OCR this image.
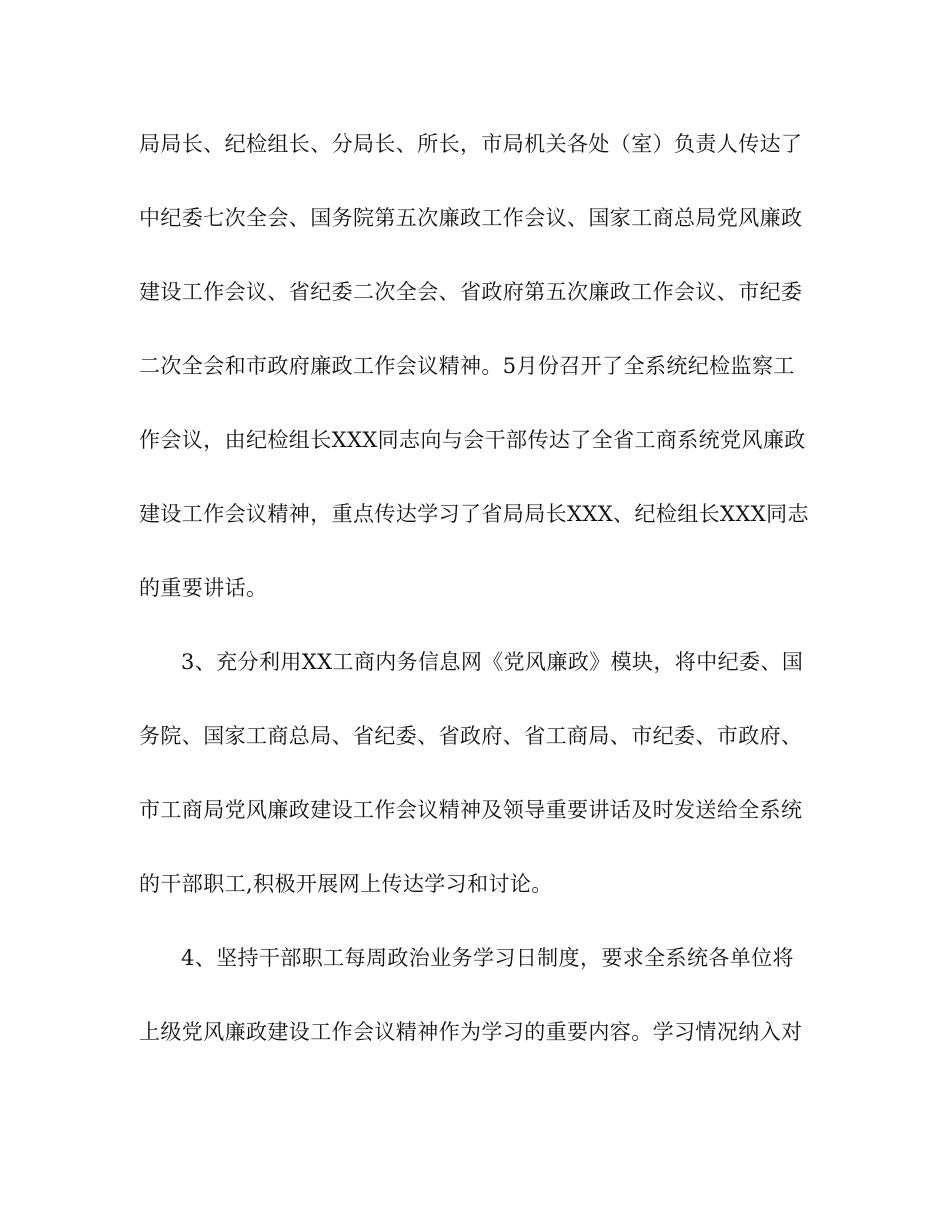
局局长、纪检组长、分局长、所长，市局机关各处（室）负责人传达了

中纪委七次全会、国务院第五次廉政工作会议、国家工商总局党风廉政

建设工作会议、省纪委二次全会、省政府第五次廉政工作会议、市纪委

二次全会和市政府廉政工作会议精神。5月份召开了全系统纪检监察工

作会议，由纪检组长XXX同志向与会干部传达了全省工商系统党风廉政

建设工作会议精神，重点传达学习了省局局长XXX、纪检组长XXX同志

的重要讲话。

3、充分利用XX工商内务信息网《党风廉政》模块，将中纪委、国

务院、国家工商总局、省纪委、省政府、省工商局、市纪委、市政府、

市工商局党风廉政建设工作会议精神及领导重要讲话及时发送给全系统

的干部职工,积极开展网上传达学习和讨论。

4、坚持干部职工每周政治业务学习日制度，要求全系统各单位将

上级党风廉政建设工作会议精神作为学习的重要内容。学习情况纳入对
